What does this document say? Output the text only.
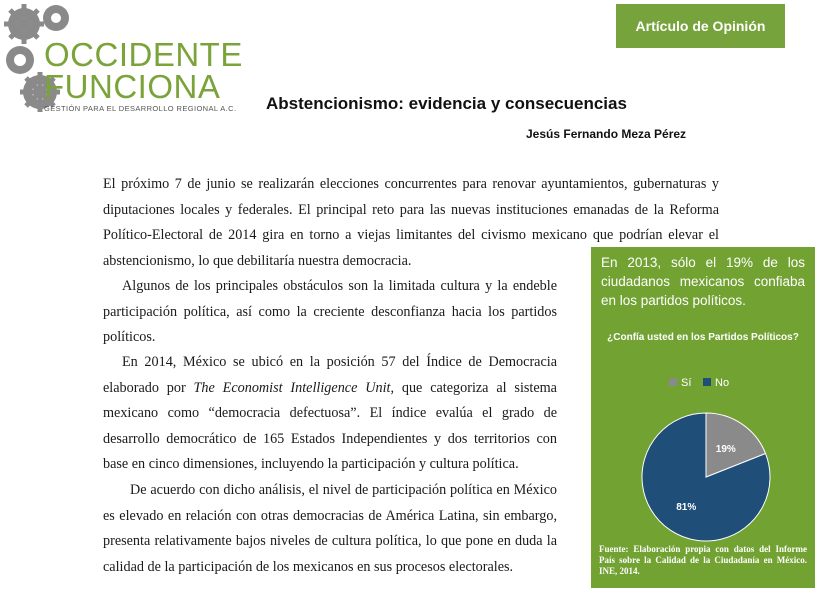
OCCIDENTE
FUNCIONA
GESTIÓN PARA EL DESARROLLO REGIONAL A.C.
Artículo de Opinión
Abstencionismo: evidencia y consecuencias
Jesús Fernando Meza Pérez
El próximo 7 de junio se realizarán elecciones concurrentes para renovar ayuntamientos, gubernaturas y diputaciones locales y federales. El principal reto para las nuevas instituciones emanadas de la Reforma Político-Electoral de 2014 gira en torno a viejas limitantes del civismo mexicano que podrían elevar el abstencionismo, lo que debilitaría nuestra democracia.
Algunos de los principales obstáculos son la limitada cultura y la endeble participación política, así como la creciente desconfianza hacia los partidos políticos.
En 2014, México se ubicó en la posición 57 del Índice de Democracia elaborado por The Economist Intelligence Unit, que categoriza al sistema mexicano como “democracia defectuosa”. El índice evalúa el grado de desarrollo democrático de 165 Estados Independientes y dos territorios con base en cinco dimensiones, incluyendo la participación y cultura política.
De acuerdo con dicho análisis, el nivel de participación política en México es elevado en relación con otras democracias de América Latina, sin embargo, presenta relativamente bajos niveles de cultura política, lo que pone en duda la calidad de la participación de los mexicanos en sus procesos electorales.
En 2013, sólo el 19% de los ciudadanos mexicanos confiaba en los partidos políticos.
¿Confía usted en los Partidos Políticos?
Sí No
19%
81%
Fuente: Elaboración propia con datos del Informe País sobre la Calidad de la Ciudadanía en México. INE, 2014.
